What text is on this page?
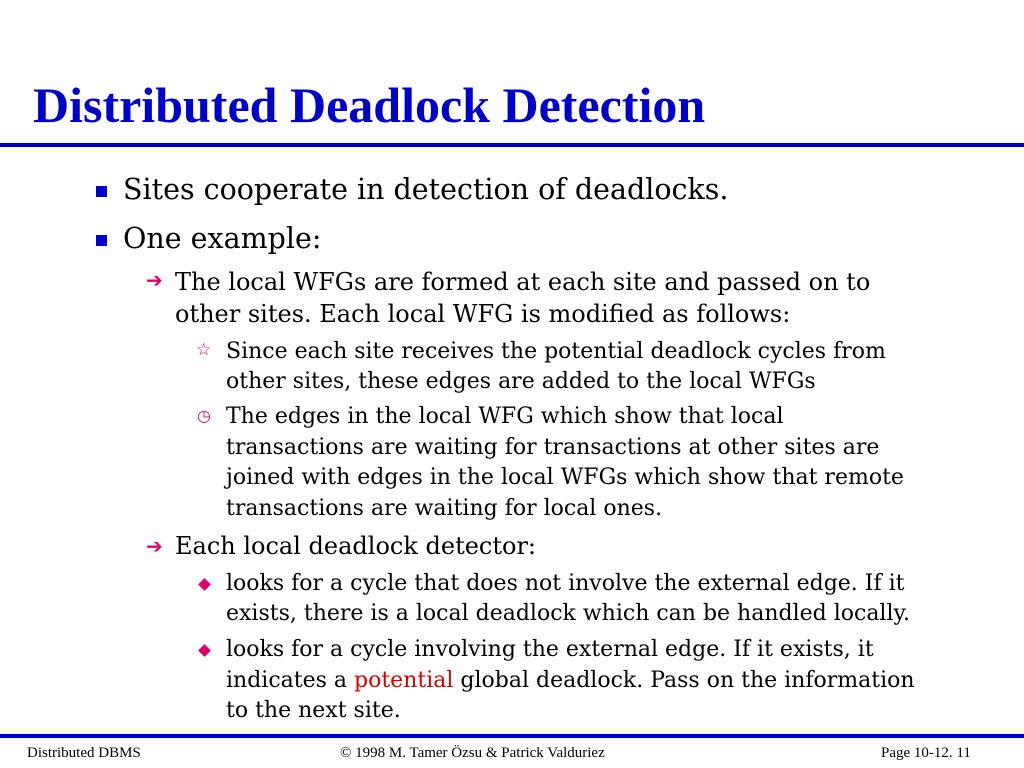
Distributed Deadlock Detection
Sites cooperate in detection of deadlocks.
One example:
➔ The local WFGs are formed at each site and passed on to
other sites. Each local WFG is modified as follows:
☆ Since each site receives the potential deadlock cycles from
other sites, these edges are added to the local WFGs
◷ The edges in the local WFG which show that local
transactions are waiting for transactions at other sites are
joined with edges in the local WFGs which show that remote
transactions are waiting for local ones.
➔ Each local deadlock detector:
looks for a cycle that does not involve the external edge. If it
exists, there is a local deadlock which can be handled locally.
looks for a cycle involving the external edge. If it exists, it
indicates a potential global deadlock. Pass on the information
to the next site.
Distributed DBMS	© 1998 M. Tamer Özsu & Patrick Valduriez	Page 10-12. 11
